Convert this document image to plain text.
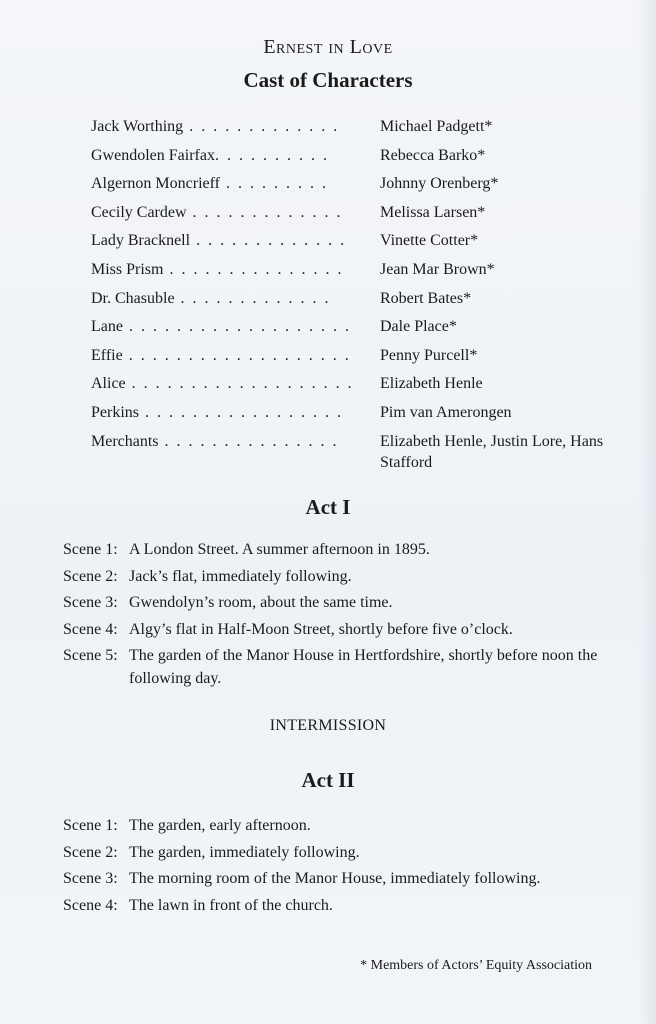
Ernest in Love
Cast of Characters
Jack Worthing . . . . . . . . . . . . .	Michael Padgett*
Gwendolen Fairfax. . . . . . . . . .	Rebecca Barko*
Algernon Moncrieff . . . . . . . . .	Johnny Orenberg*
Cecily Cardew . . . . . . . . . . . . .	Melissa Larsen*
Lady Bracknell . . . . . . . . . . . . .	Vinette Cotter*
Miss Prism . . . . . . . . . . . . . . .	Jean Mar Brown*
Dr. Chasuble . . . . . . . . . . . . .	Robert Bates*
Lane . . . . . . . . . . . . . . . . . . .	Dale Place*
Effie . . . . . . . . . . . . . . . . . . .	Penny Purcell*
Alice . . . . . . . . . . . . . . . . . . .	Elizabeth Henle
Perkins . . . . . . . . . . . . . . . . .	Pim van Amerongen
Merchants . . . . . . . . . . . . . . .	Elizabeth Henle, Justin Lore, Hans Stafford
Act I
Scene 1: A London Street. A summer afternoon in 1895.
Scene 2: Jack’s flat, immediately following.
Scene 3: Gwendolyn’s room, about the same time.
Scene 4: Algy’s flat in Half-Moon Street, shortly before five o’clock.
Scene 5: The garden of the Manor House in Hertfordshire, shortly before noon the following day.
INTERMISSION
Act II
Scene 1: The garden, early afternoon.
Scene 2: The garden, immediately following.
Scene 3: The morning room of the Manor House, immediately following.
Scene 4: The lawn in front of the church.
* Members of Actors’ Equity Association
